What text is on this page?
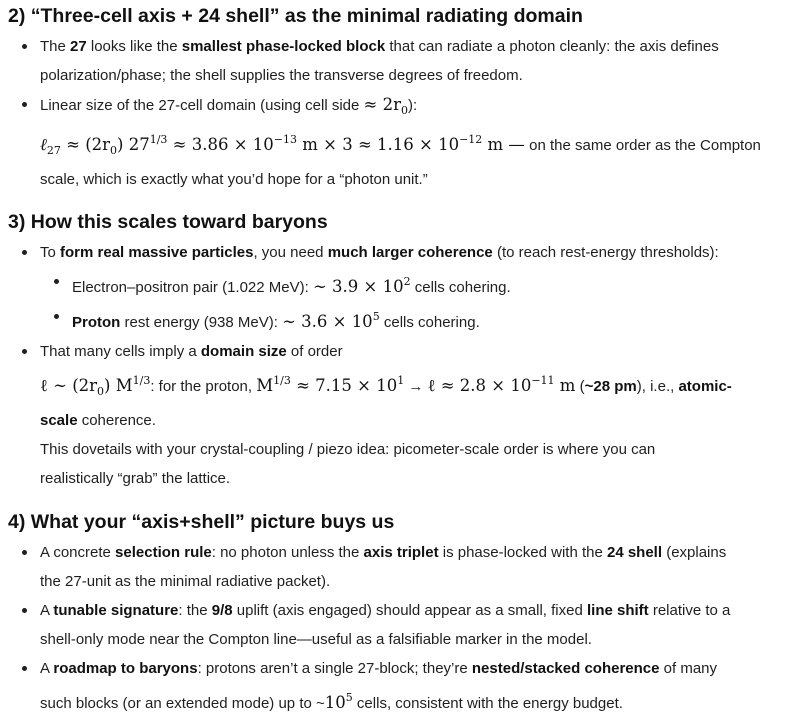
2) “Three-cell axis + 24 shell” as the minimal radiating domain
The 27 looks like the smallest phase-locked block that can radiate a photon cleanly: the axis defines
polarization/phase; the shell supplies the transverse degrees of freedom.
Linear size of the 27-cell domain (using cell side ≈ $2r_0$):
ℓ$_{27}$ ≈ $(2r_0) 27^{1/3} \approx 3.86 \times 10^{-13}$ $m \times 3 \approx 1.16 \times 10^{-12}$ m — on the same order as the Compton
scale, which is exactly what you’d hope for a “photon unit.”
3) How this scales toward baryons
To form real massive particles, you need much larger coherence (to reach rest-energy thresholds):
Electron–positron pair (1.022 MeV): ∼ $3.9 \times 10^2$ cells cohering.
Proton rest energy (938 MeV): ∼ $3.6 \times 10^5$ cells cohering.
That many cells imply a domain size of order
ℓ ∼ $(2r_0)$ $M^{1/3}$: for the proton, $M^{1/3} \approx 7.15 \times 10^1$ → ℓ ≈ $2.8 \times 10^{-11}$ m (~28 pm), i.e., atomic-
scale coherence.
This dovetails with your crystal-coupling / piezo idea: picometer-scale order is where you can
realistically “grab” the lattice.
4) What your “axis+shell” picture buys us
A concrete selection rule: no photon unless the axis triplet is phase-locked with the 24 shell (explains
the 27-unit as the minimal radiative packet).
A tunable signature: the 9/8 uplift (axis engaged) should appear as a small, fixed line shift relative to a
shell-only mode near the Compton line—useful as a falsifiable marker in the model.
A roadmap to baryons: protons aren’t a single 27-block; they’re nested/stacked coherence of many
such blocks (or an extended mode) up to $\sim 10^5$ cells, consistent with the energy budget.
